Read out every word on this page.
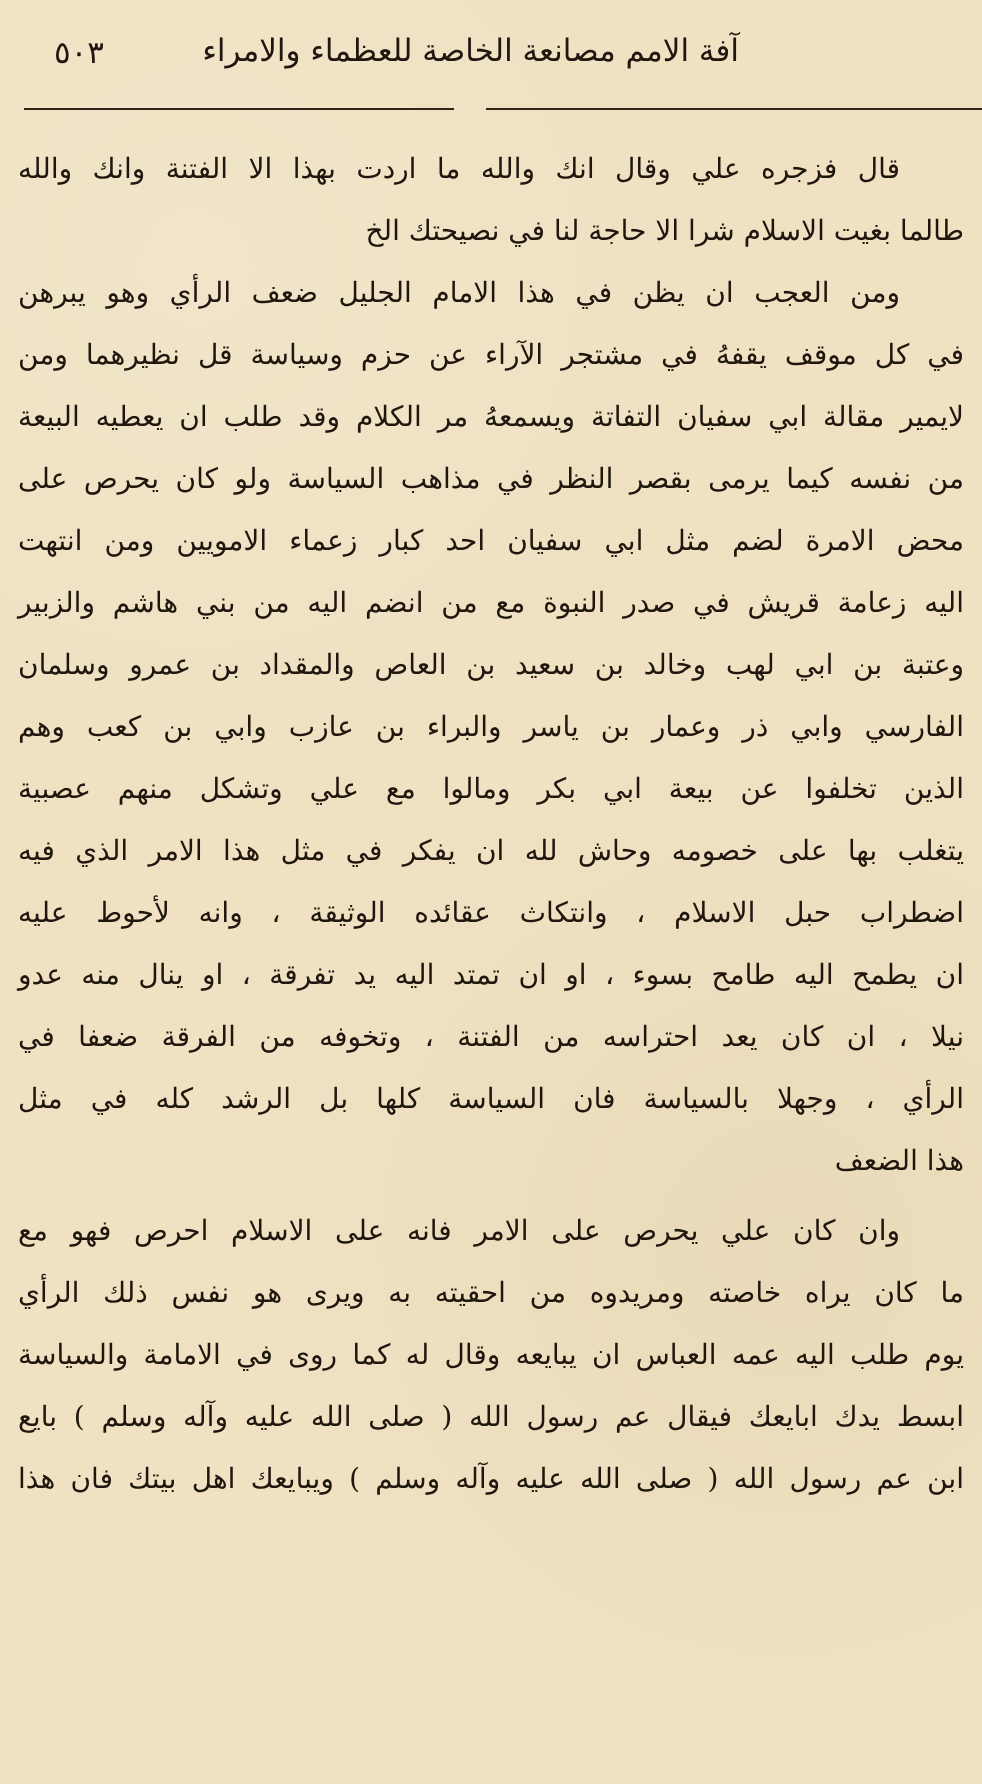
آفة الامم مصانعة الخاصة للعظماء والامراء
٥٠٣
قال فزجره علي وقال انك والله ما اردت بهذا الا الفتنة وانك والله
طالما بغيت الاسلام شرا الا حاجة لنا في نصيحتك الخ
ومن العجب ان يظن في هذا الامام الجليل ضعف الرأي وهو يبرهن
في كل موقف يقفهُ في مشتجر الآراء عن حزم وسياسة قل نظيرهما ومن
لايمير مقالة ابي سفيان التفاتة ويسمعهُ مر الكلام وقد طلب ان يعطيه البيعة
من نفسه كيما يرمى بقصر النظر في مذاهب السياسة ولو كان يحرص على
محض الامرة لضم مثل ابي سفيان احد كبار زعماء الامويين ومن انتهت
اليه زعامة قريش في صدر النبوة مع من انضم اليه من بني هاشم والزبير
وعتبة بن ابي لهب وخالد بن سعيد بن العاص والمقداد بن عمرو وسلمان
الفارسي وابي ذر وعمار بن ياسر والبراء بن عازب وابي بن كعب وهم
الذين تخلفوا عن بيعة ابي بكر ومالوا مع علي وتشكل منهم عصبية
يتغلب بها على خصومه وحاش لله ان يفكر في مثل هذا الامر الذي فيه
اضطراب حبل الاسلام ، وانتكاث عقائده الوثيقة ، وانه لأحوط عليه
ان يطمح اليه طامح بسوء ، او ان تمتد اليه يد تفرقة ، او ينال منه عدو
نيلا ، ان كان يعد احتراسه من الفتنة ، وتخوفه من الفرقة ضعفا في
الرأي ، وجهلا بالسياسة فان السياسة كلها بل الرشد كله في مثل
هذا الضعف
وان كان علي يحرص على الامر فانه على الاسلام احرص فهو مع
ما كان يراه خاصته ومريدوه من احقيته به ويرى هو نفس ذلك الرأي
يوم طلب اليه عمه العباس ان يبايعه وقال له كما روى في الامامة والسياسة
ابسط يدك ابايعك فيقال عم رسول الله ( صلى الله عليه وآله وسلم ) بايع
ابن عم رسول الله ( صلى الله عليه وآله وسلم ) ويبايعك اهل بيتك فان هذا
